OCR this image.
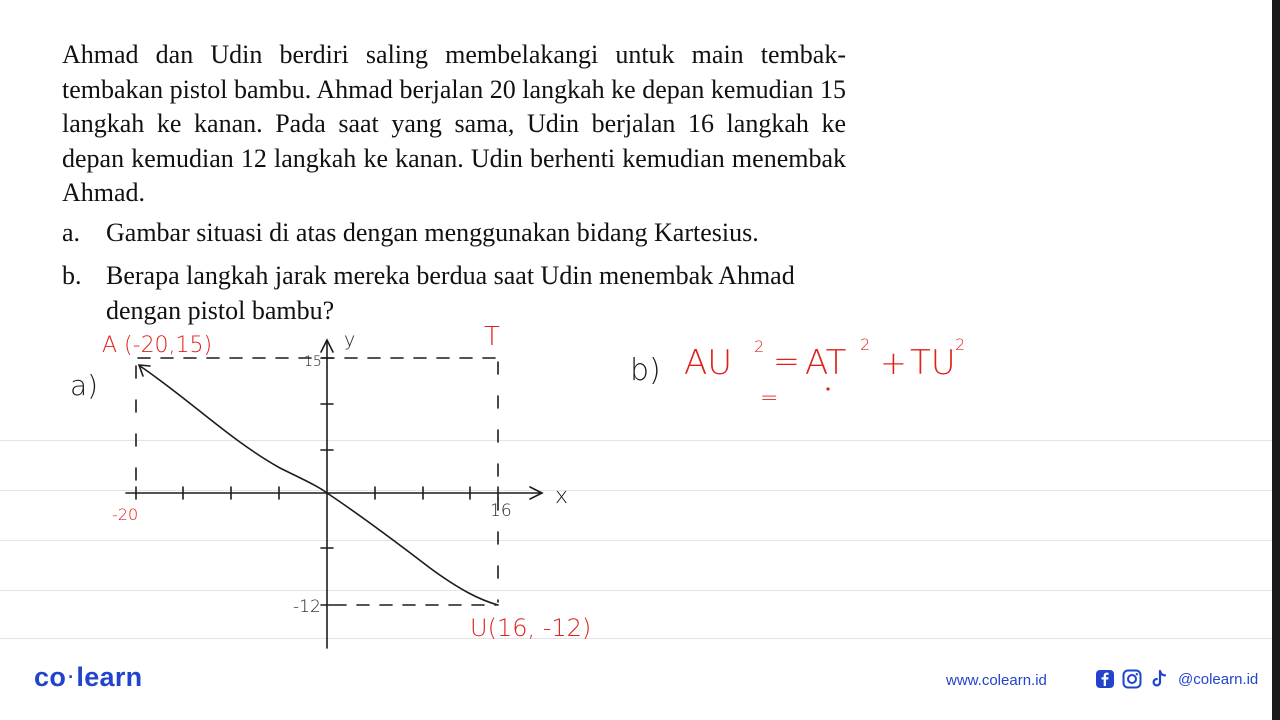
Ahmad dan Udin berdiri saling membelakangi untuk main tembak-tembakan pistol bambu. Ahmad berjalan 20 langkah ke depan kemudian 15 langkah ke kanan. Pada saat yang sama, Udin berjalan 16 langkah ke depan kemudian 12 langkah ke kanan. Udin berhenti kemudian menembak Ahmad.

a. Gambar situasi di atas dengan menggunakan bidang Kartesius.
b. Berapa langkah jarak mereka berdua saat Udin menembak Ahmad dengan pistol bambu?
a)
y
x
15
-12
16
A (-20,15)	T
U(16, -12)
-20
b) AU 2 = AT 2 + TU 2
=
co ·learn	www.colearn.id	@colearn.id
